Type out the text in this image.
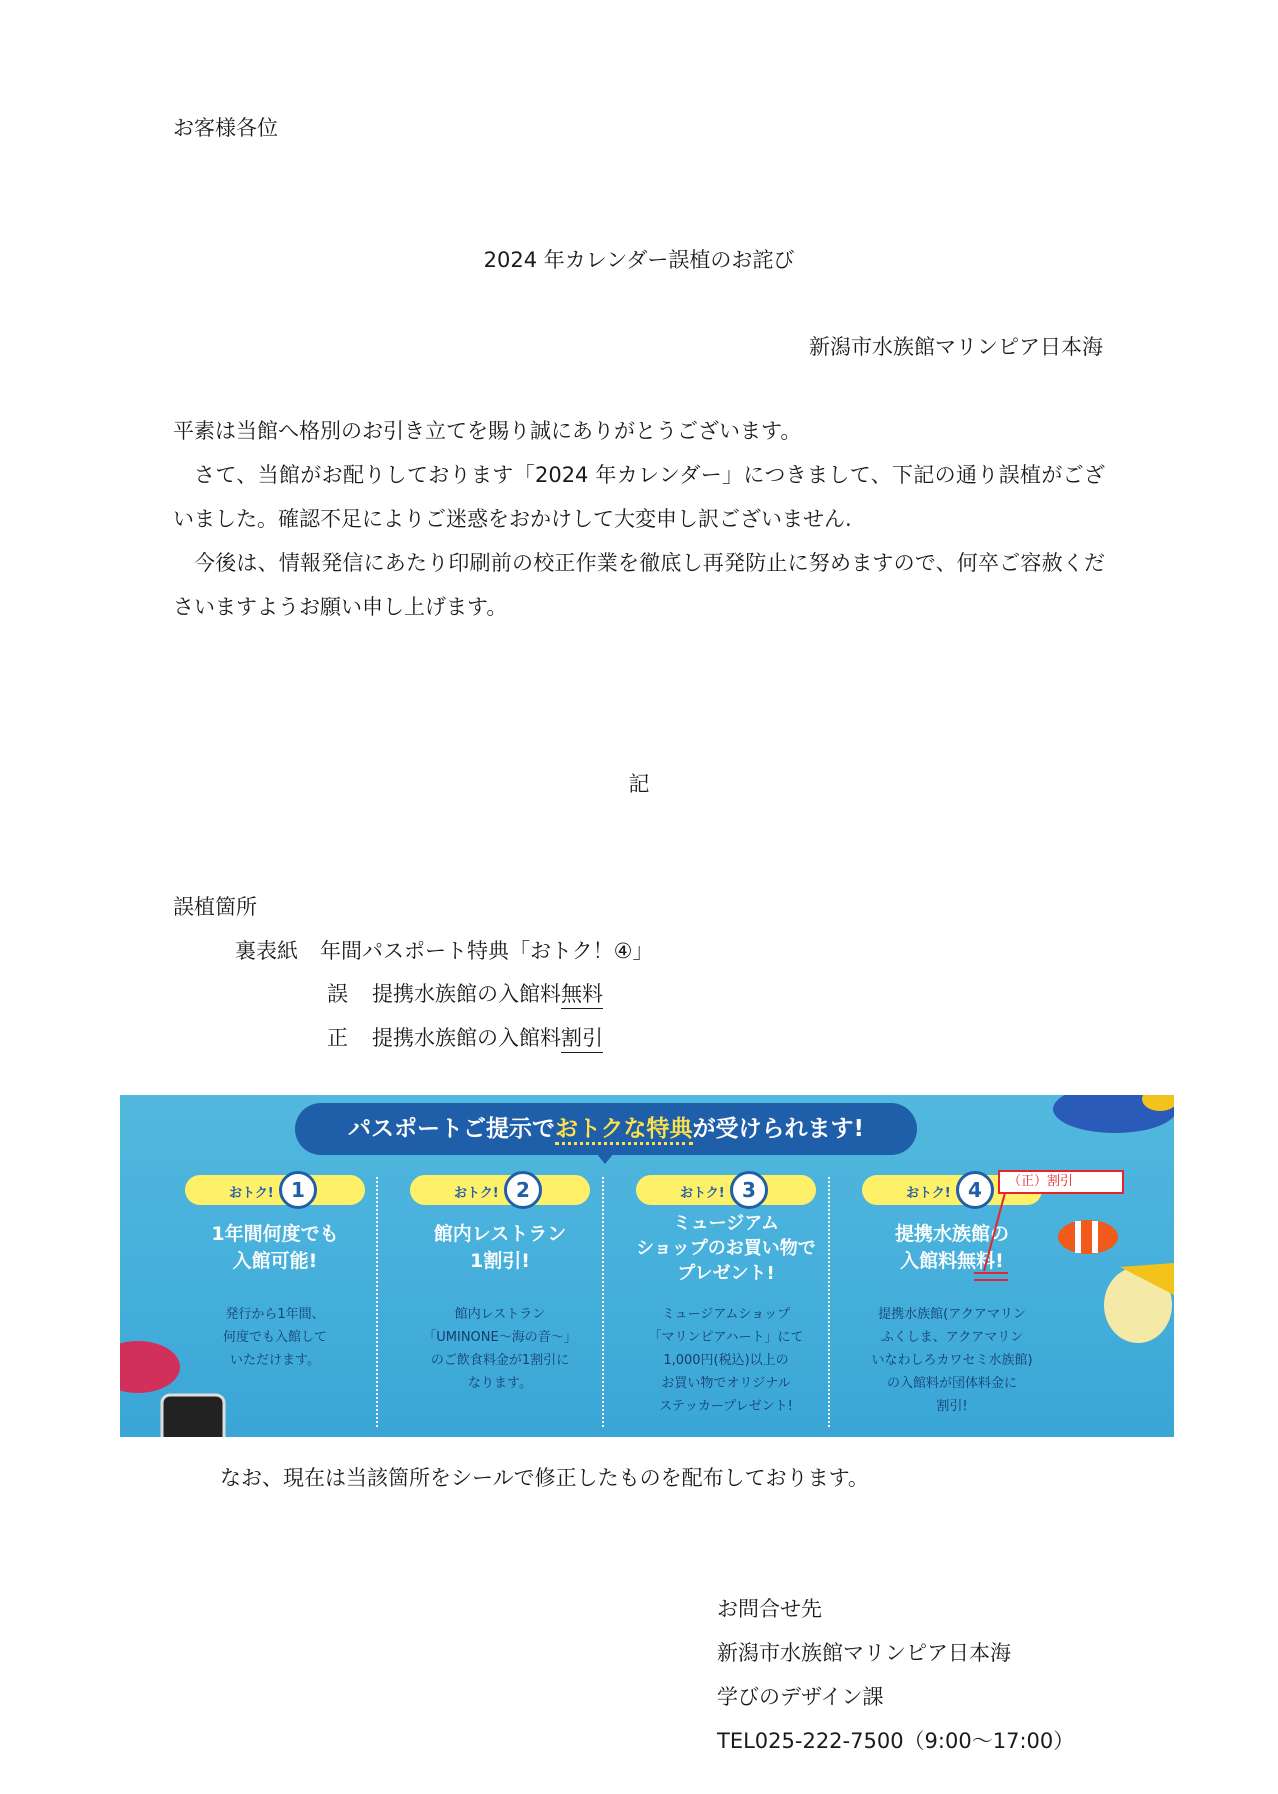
お客様各位
2024 年カレンダー誤植のお詫び
新潟市水族館マリンピア日本海
平素は当館へ格別のお引き立てを賜り誠にありがとうございます。
さて、当館がお配りしております「2024 年カレンダー」につきまして、下記の通り誤植がございました。確認不足によりご迷惑をおかけして大変申し訳ございません.
今後は、情報発信にあたり印刷前の校正作業を徹底し再発防止に努めますので、何卒ご容赦くださいますようお願い申し上げます。
記
誤植箇所
裏表紙 年間パスポート特典「おトク！④」
誤 提携水族館の入館料無料
正 提携水族館の入館料割引
パスポートご提示でおトクな特典が受けられます!
おトク! 1
1年間何度でも
入館可能!
発行から1年間、
何度でも入館して
いただけます。
おトク! 2
館内レストラン
1割引!
館内レストラン
「UMINONE～海の音～」
のご飲食料金が1割引に
なります。
おトク! 3
ミュージアム
ショップのお買い物で
プレゼント!
ミュージアムショップ
「マリンピアハート」にて
1,000円(税込)以上の
お買い物でオリジナル
ステッカープレゼント!
おトク! 4
提携水族館の
入館料無料!
提携水族館(アクアマリン
ふくしま、アクアマリン
いなわしろカワセミ水族館)
の入館料が団体料金に
割引!
（正）割引
なお、現在は当該箇所をシールで修正したものを配布しております。
お問合せ先
新潟市水族館マリンピア日本海
学びのデザイン課
TEL025-222-7500（9:00～17:00）
